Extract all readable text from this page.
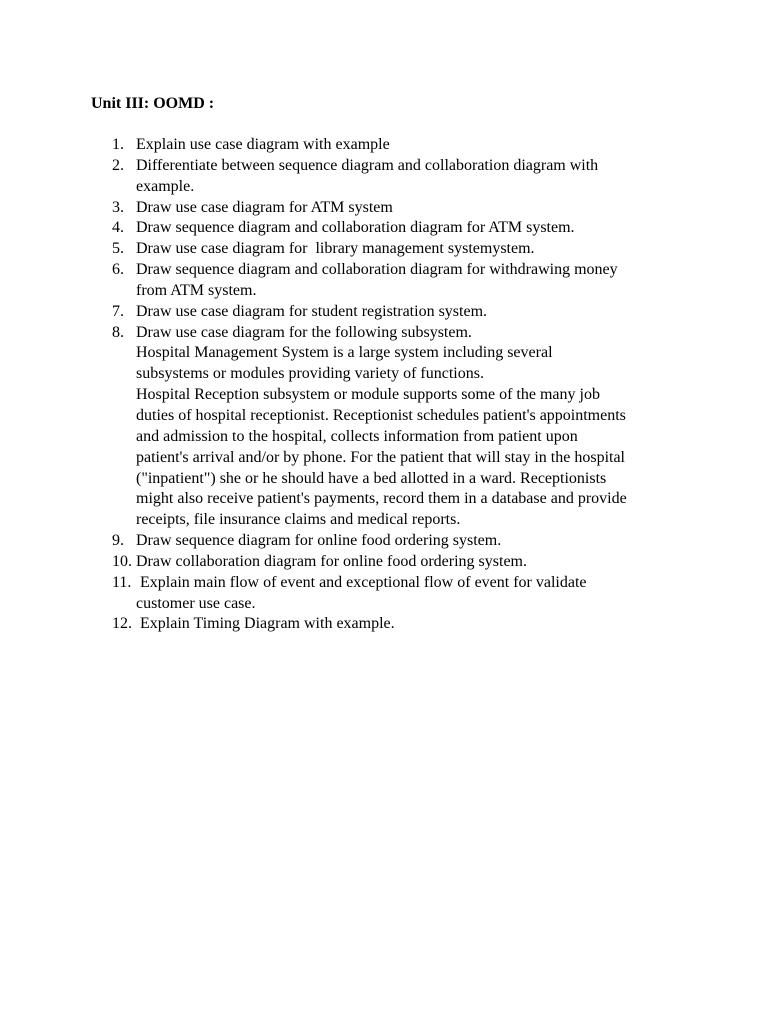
Unit III: OOMD :
1. Explain use case diagram with example
2. Differentiate between sequence diagram and collaboration diagram with
example.
3. Draw use case diagram for ATM system
4. Draw sequence diagram and collaboration diagram for ATM system.
5. Draw use case diagram for  library management systemystem.
6. Draw sequence diagram and collaboration diagram for withdrawing money
from ATM system.
7. Draw use case diagram for student registration system.
8. Draw use case diagram for the following subsystem.
Hospital Management System is a large system including several
subsystems or modules providing variety of functions.
Hospital Reception subsystem or module supports some of the many job
duties of hospital receptionist. Receptionist schedules patient's appointments
and admission to the hospital, collects information from patient upon
patient's arrival and/or by phone. For the patient that will stay in the hospital
("inpatient") she or he should have a bed allotted in a ward. Receptionists
might also receive patient's payments, record them in a database and provide
receipts, file insurance claims and medical reports.
9. Draw sequence diagram for online food ordering system.
10. Draw collaboration diagram for online food ordering system.
11. Explain main flow of event and exceptional flow of event for validate
customer use case.
12. Explain Timing Diagram with example.
